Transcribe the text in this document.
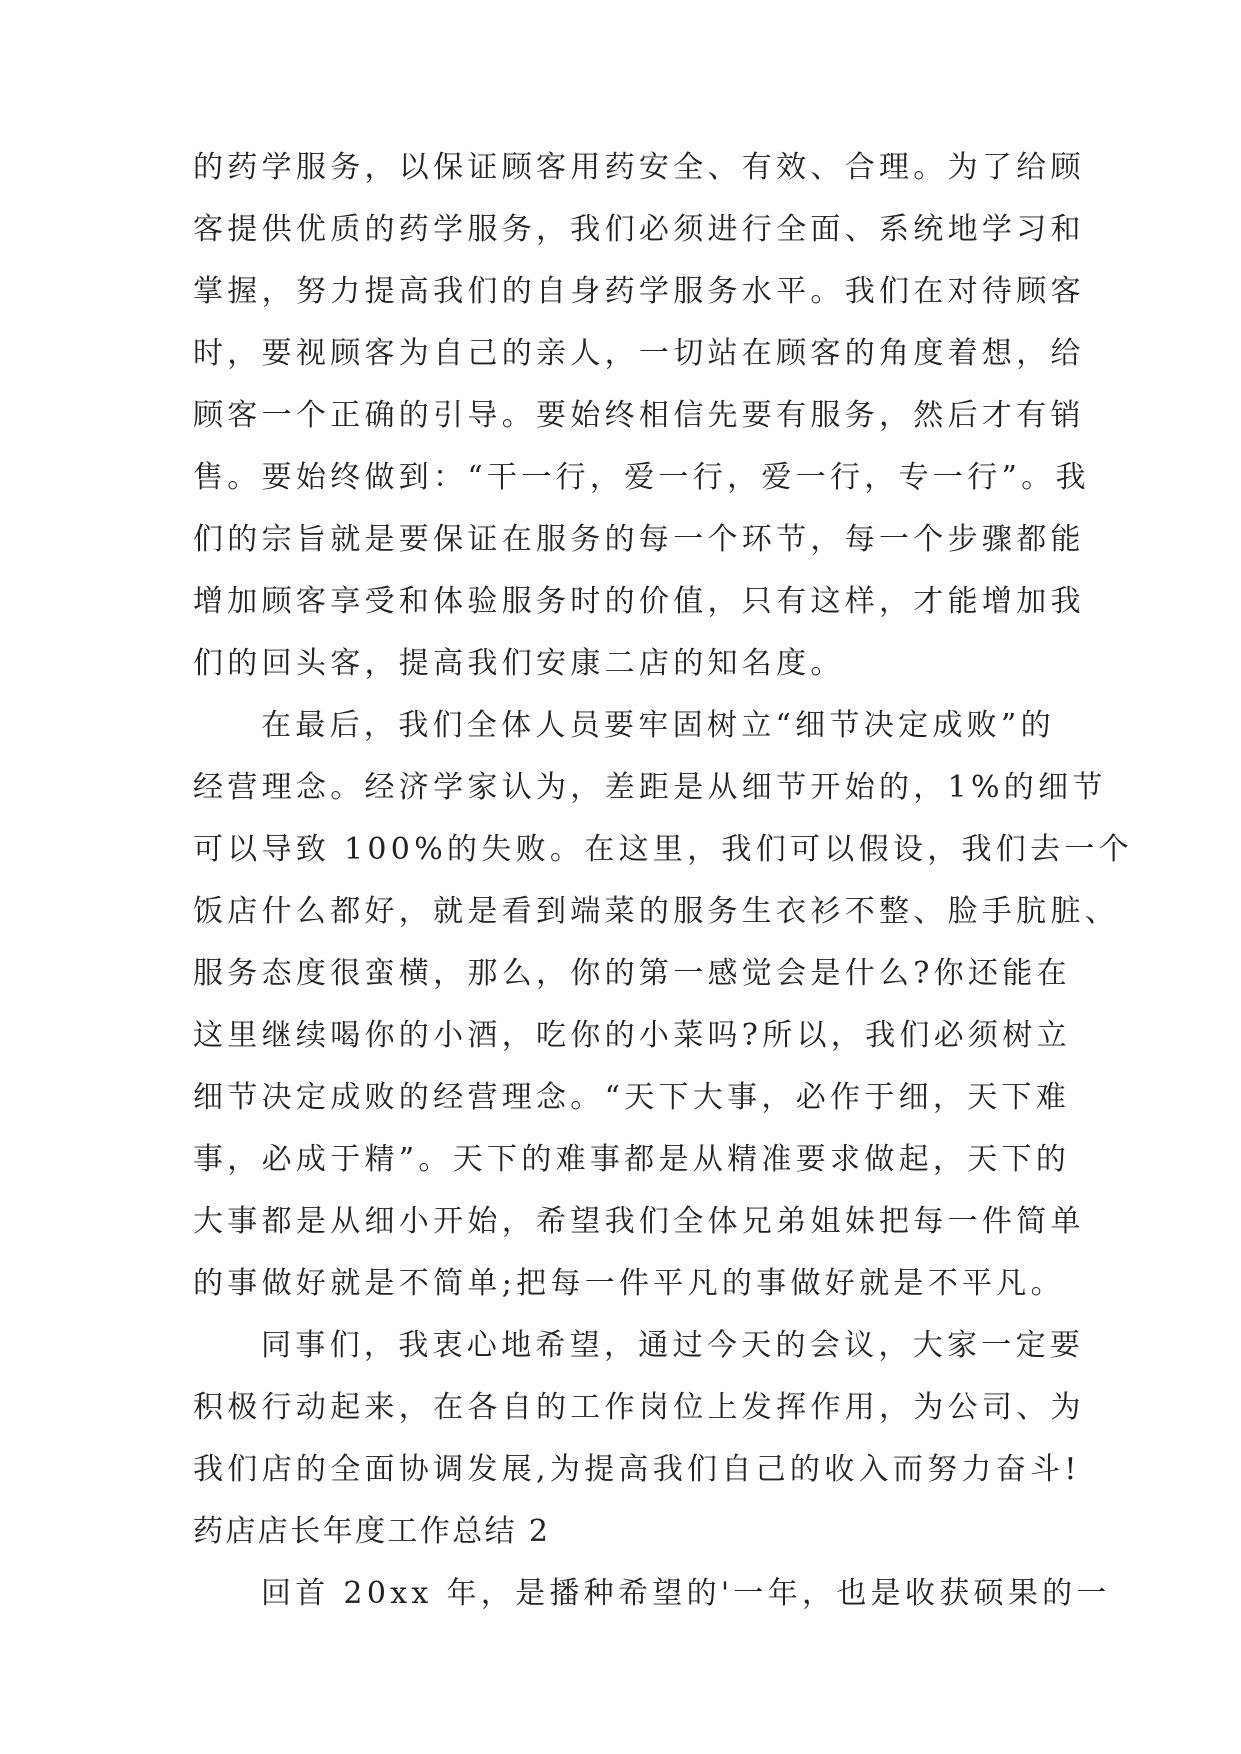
的药学服务，以保证顾客用药安全、有效、合理。为了给顾
客提供优质的药学服务，我们必须进行全面、系统地学习和
掌握，努力提高我们的自身药学服务水平。我们在对待顾客
时，要视顾客为自己的亲人，一切站在顾客的角度着想，给
顾客一个正确的引导。要始终相信先要有服务，然后才有销
售。要始终做到：“干一行，爱一行，爱一行，专一行”。我
们的宗旨就是要保证在服务的每一个环节，每一个步骤都能
增加顾客享受和体验服务时的价值，只有这样，才能增加我
们的回头客，提高我们安康二店的知名度。
在最后，我们全体人员要牢固树立“细节决定成败”的
经营理念。经济学家认为，差距是从细节开始的，1%的细节
可以导致 100%的失败。在这里，我们可以假设，我们去一个
饭店什么都好，就是看到端菜的服务生衣衫不整、脸手肮脏、
服务态度很蛮横，那么，你的第一感觉会是什么?你还能在
这里继续喝你的小酒，吃你的小菜吗?所以，我们必须树立
细节决定成败的经营理念。“天下大事，必作于细，天下难
事，必成于精”。天下的难事都是从精准要求做起，天下的
大事都是从细小开始，希望我们全体兄弟姐妹把每一件简单
的事做好就是不简单;把每一件平凡的事做好就是不平凡。
同事们，我衷心地希望，通过今天的会议，大家一定要
积极行动起来，在各自的工作岗位上发挥作用，为公司、为
我们店的全面协调发展,为提高我们自己的收入而努力奋斗!
药店店长年度工作总结 2
回首 20xx 年，是播种希望的'一年，也是收获硕果的一
